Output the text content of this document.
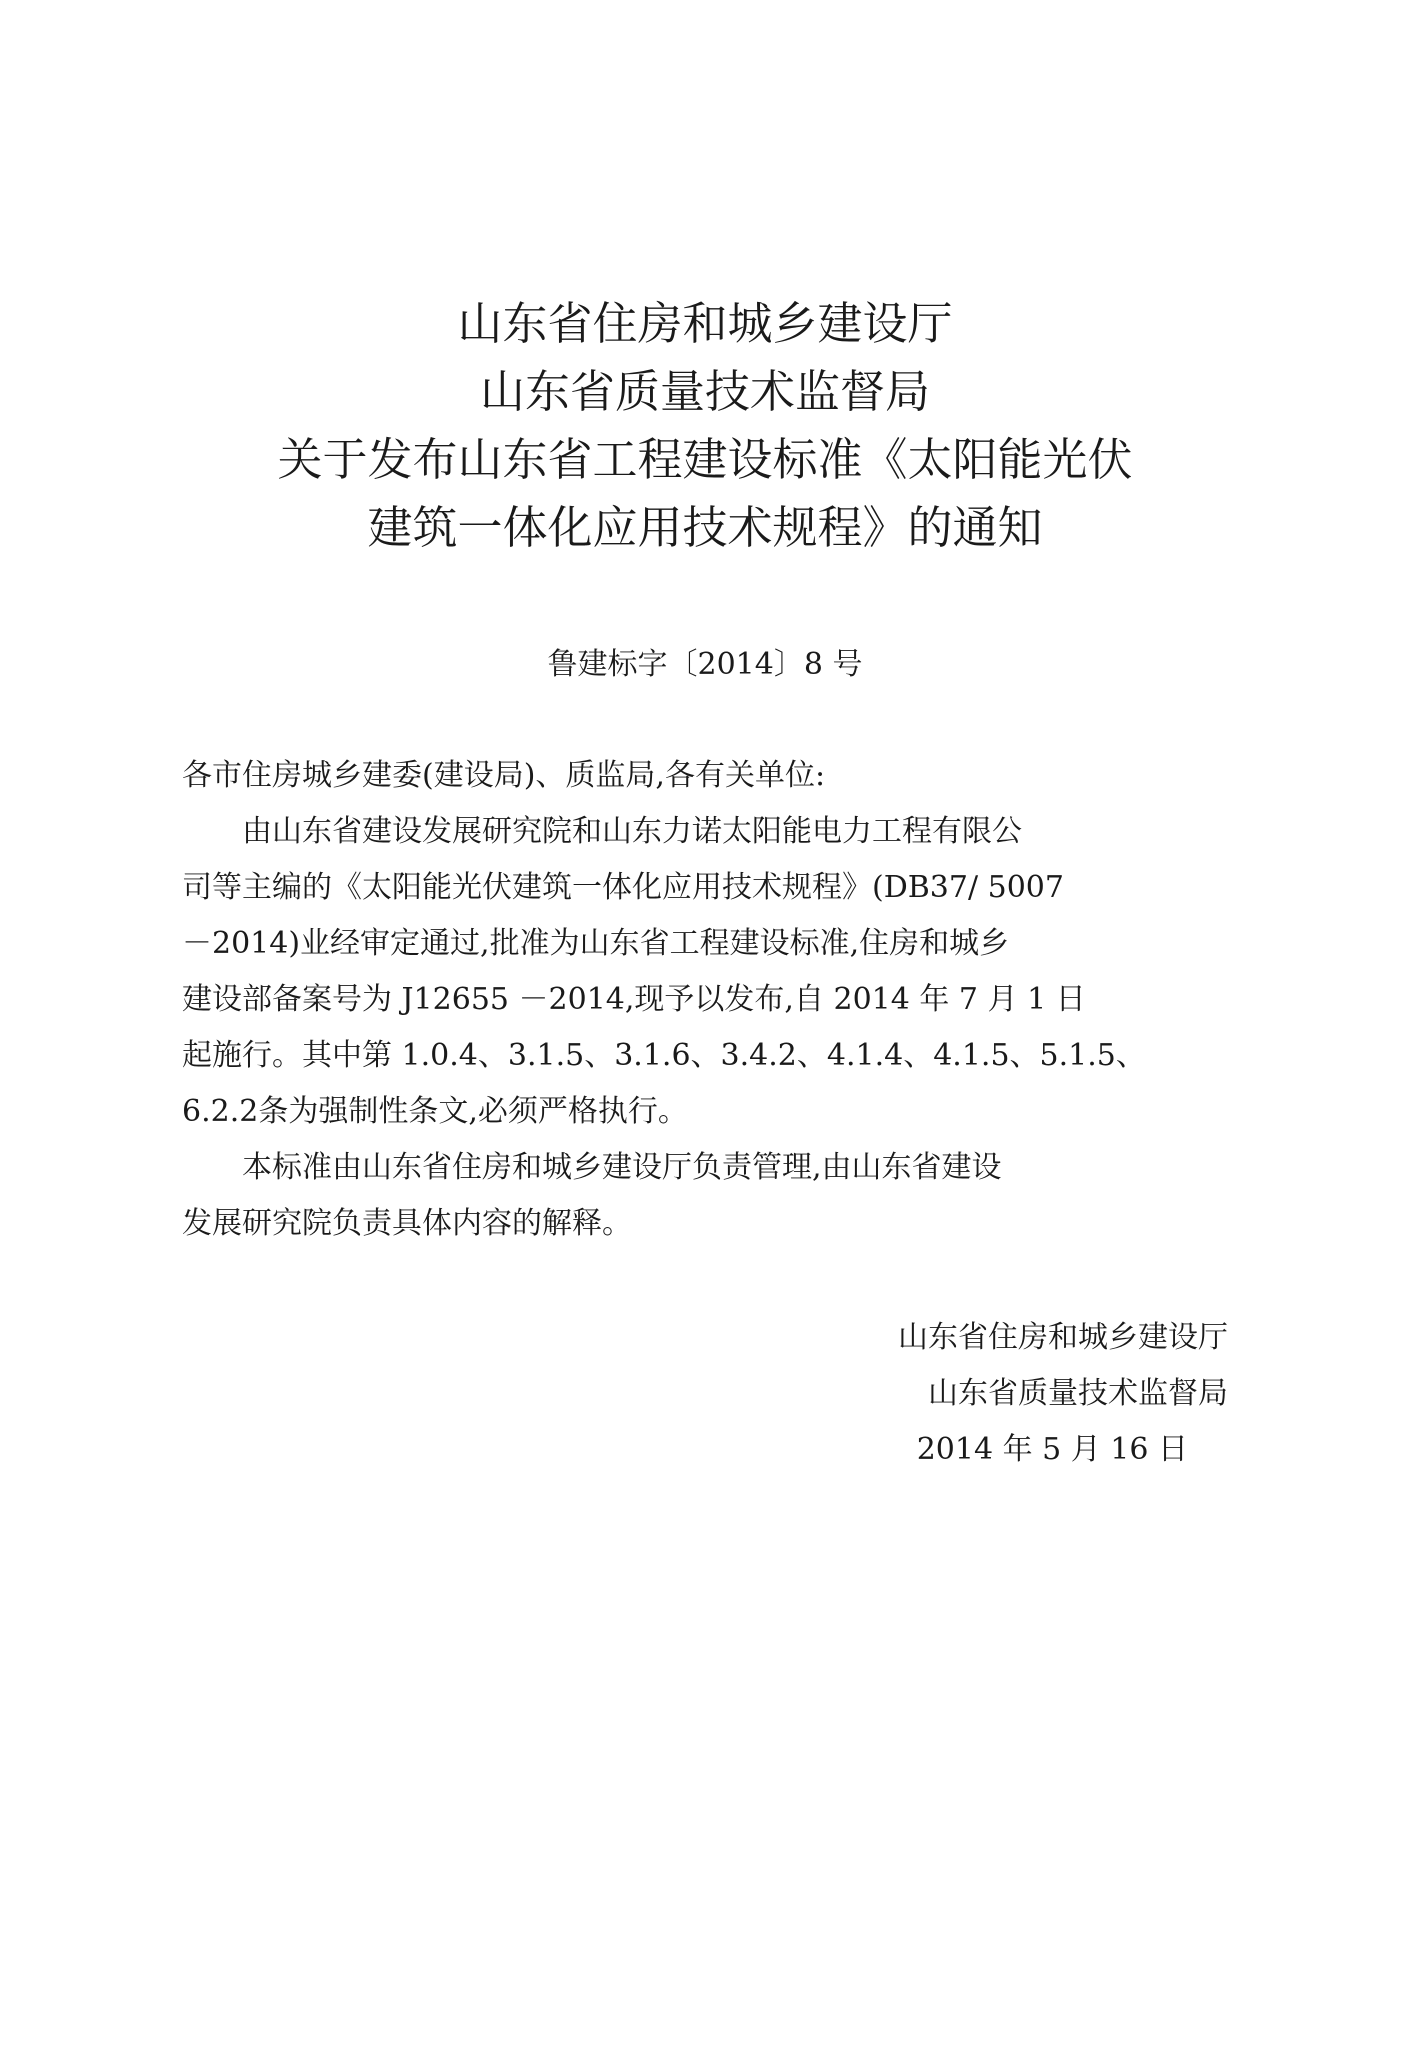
山东省住房和城乡建设厅
山东省质量技术监督局
关于发布山东省工程建设标准《太阳能光伏
建筑一体化应用技术规程》的通知
鲁建标字〔2014〕8 号
各市住房城乡建委(建设局)、质监局,各有关单位:
由山东省建设发展研究院和山东力诺太阳能电力工程有限公
司等主编的《太阳能光伏建筑一体化应用技术规程》(DB37/ 5007
－2014)业经审定通过,批准为山东省工程建设标准,住房和城乡
建设部备案号为 J12655 －2014,现予以发布,自 2014 年 7 月 1 日
起施行。其中第 1.0.4、3.1.5、3.1.6、3.4.2、4.1.4、4.1.5、5.1.5、
6.2.2条为强制性条文,必须严格执行。
本标准由山东省住房和城乡建设厅负责管理,由山东省建设
发展研究院负责具体内容的解释。
山东省住房和城乡建设厅
山东省质量技术监督局
2014 年 5 月 16 日
